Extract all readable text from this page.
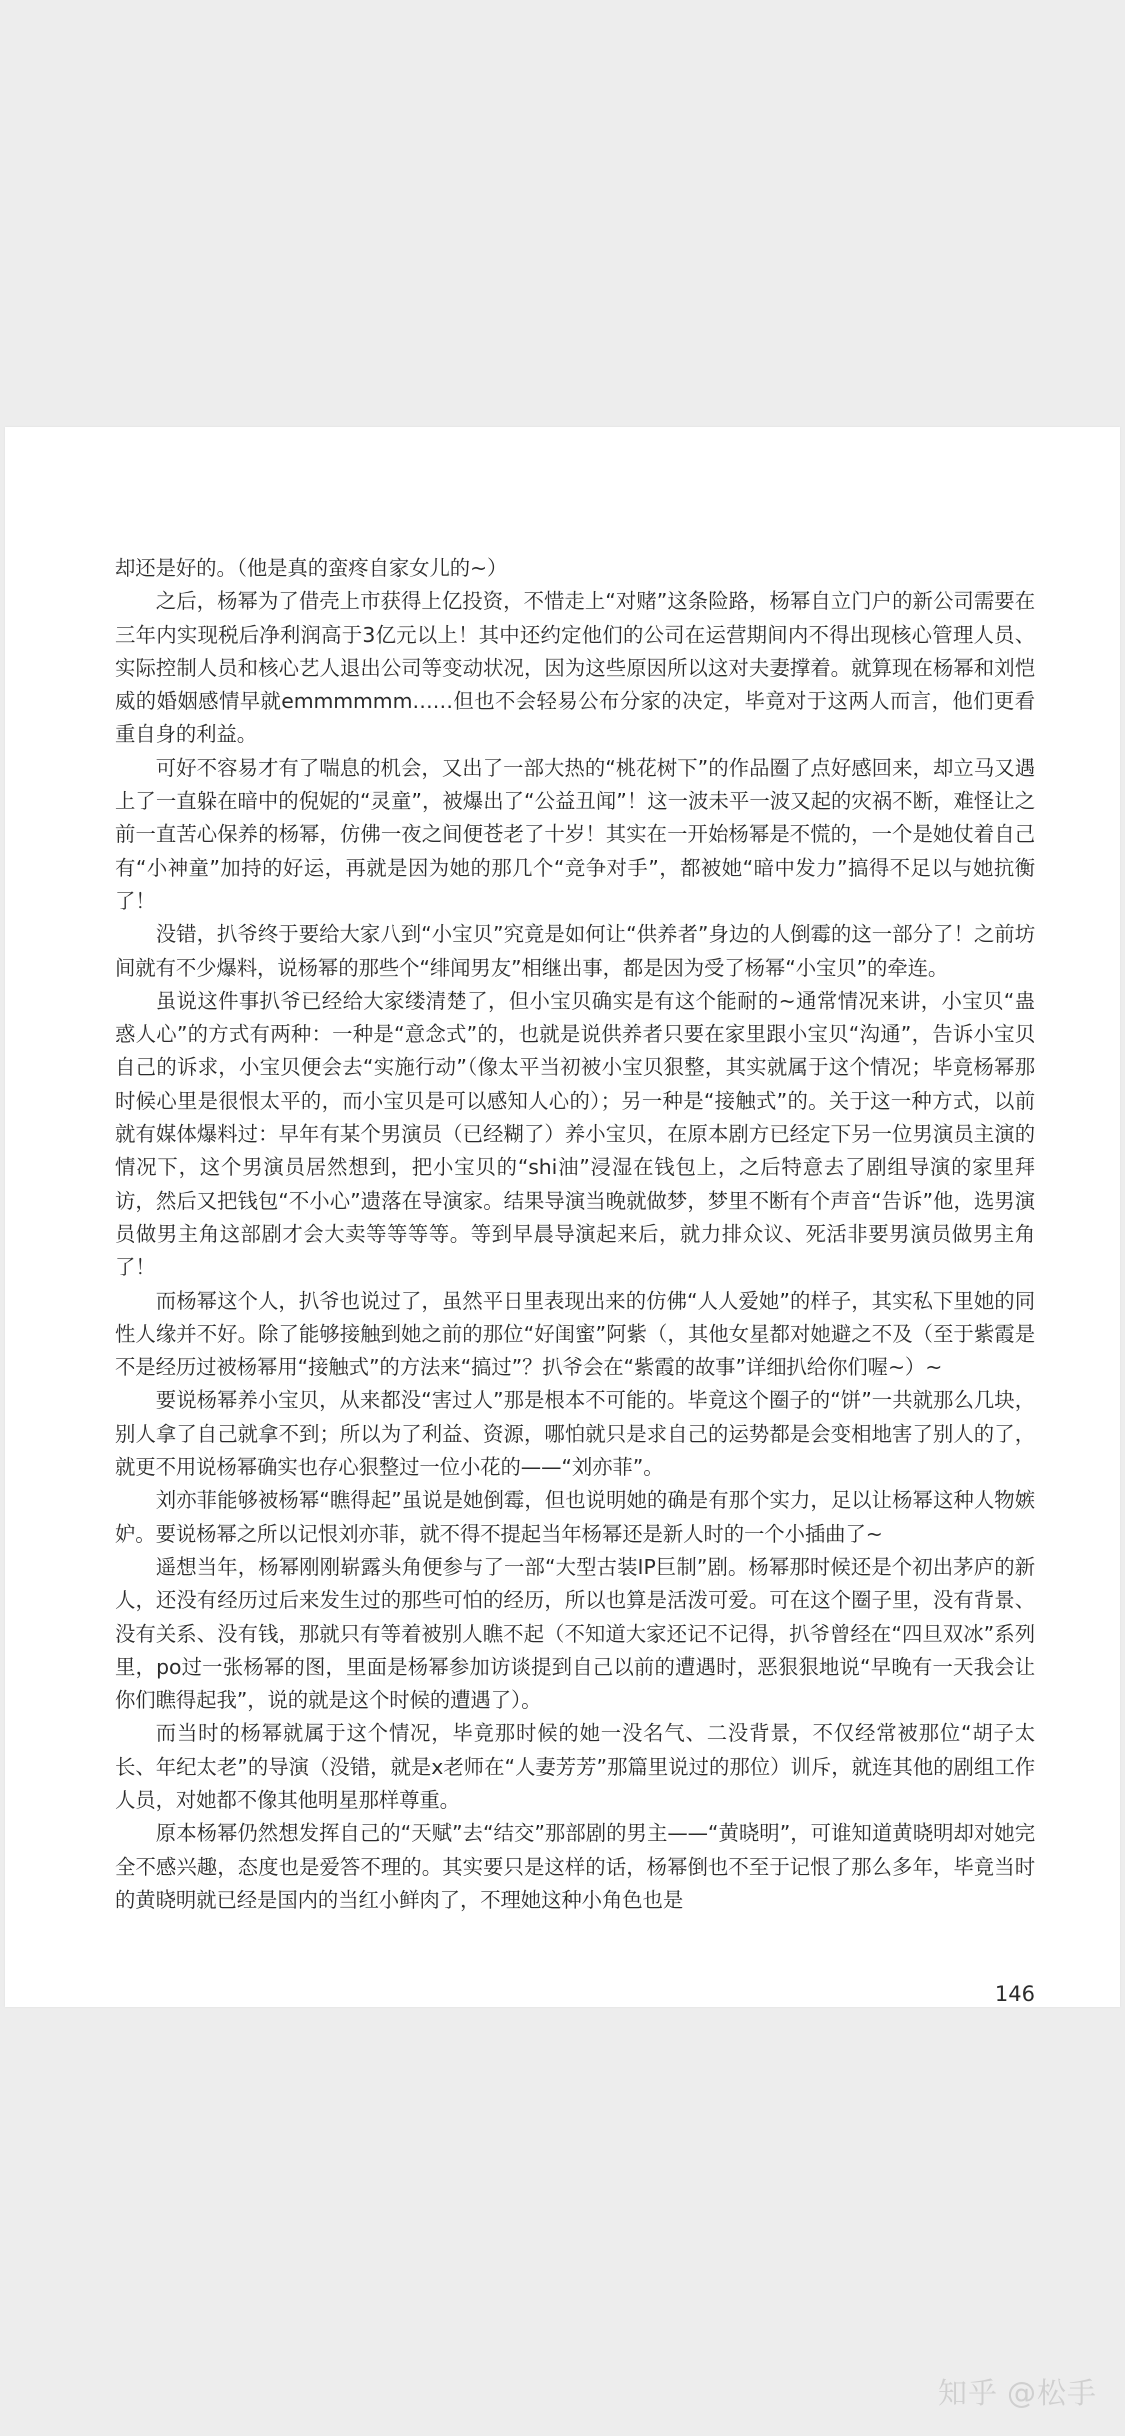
却还是好的。（他是真的蛮疼自家女儿的~）

之后，杨幂为了借壳上市获得上亿投资，不惜走上“对赌”这条险路，杨幂自立门户的新公司需要在三年内实现税后净利润高于3亿元以上！其中还约定他们的公司在运营期间内不得出现核心管理人员、实际控制人员和核心艺人退出公司等变动状况，因为这些原因所以这对夫妻撑着。就算现在杨幂和刘恺威的婚姻感情早就emmmmmm……但也不会轻易公布分家的决定，毕竟对于这两人而言，他们更看重自身的利益。

可好不容易才有了喘息的机会，又出了一部大热的“桃花树下”的作品圈了点好感回来，却立马又遇上了一直躲在暗中的倪妮的“灵童”，被爆出了“公益丑闻”！这一波未平一波又起的灾祸不断，难怪让之前一直苦心保养的杨幂，仿佛一夜之间便苍老了十岁！其实在一开始杨幂是不慌的，一个是她仗着自己有“小神童”加持的好运，再就是因为她的那几个“竞争对手”，都被她“暗中发力”搞得不足以与她抗衡了！

没错，扒爷终于要给大家八到“小宝贝”究竟是如何让“供养者”身边的人倒霉的这一部分了！之前坊间就有不少爆料，说杨幂的那些个“绯闻男友”相继出事，都是因为受了杨幂“小宝贝”的牵连。

虽说这件事扒爷已经给大家缕清楚了，但小宝贝确实是有这个能耐的~通常情况来讲，小宝贝“蛊惑人心”的方式有两种：一种是“意念式”的，也就是说供养者只要在家里跟小宝贝“沟通”，告诉小宝贝自己的诉求，小宝贝便会去“实施行动”（像太平当初被小宝贝狠整，其实就属于这个情况；毕竟杨幂那时候心里是很恨太平的，而小宝贝是可以感知人心的）；另一种是“接触式”的。关于这一种方式，以前就有媒体爆料过：早年有某个男演员（已经糊了）养小宝贝，在原本剧方已经定下另一位男演员主演的情况下，这个男演员居然想到，把小宝贝的“shi油”浸湿在钱包上，之后特意去了剧组导演的家里拜访，然后又把钱包“不小心”遗落在导演家。结果导演当晚就做梦，梦里不断有个声音“告诉”他，选男演员做男主角这部剧才会大卖等等等等。等到早晨导演起来后，就力排众议、死活非要男演员做男主角了！

而杨幂这个人，扒爷也说过了，虽然平日里表现出来的仿佛“人人爱她”的样子，其实私下里她的同性人缘并不好。除了能够接触到她之前的那位“好闺蜜”阿紫（，其他女星都对她避之不及（至于紫霞是不是经历过被杨幂用“接触式”的方法来“搞过”？扒爷会在“紫霞的故事”详细扒给你们喔~）~

要说杨幂养小宝贝，从来都没“害过人”那是根本不可能的。毕竟这个圈子的“饼”一共就那么几块，别人拿了自己就拿不到；所以为了利益、资源，哪怕就只是求自己的运势都是会变相地害了别人的了，就更不用说杨幂确实也存心狠整过一位小花的——“刘亦菲”。

刘亦菲能够被杨幂“瞧得起”虽说是她倒霉，但也说明她的确是有那个实力，足以让杨幂这种人物嫉妒。要说杨幂之所以记恨刘亦菲，就不得不提起当年杨幂还是新人时的一个小插曲了~

遥想当年，杨幂刚刚崭露头角便参与了一部“大型古装IP巨制”剧。杨幂那时候还是个初出茅庐的新人，还没有经历过后来发生过的那些可怕的经历，所以也算是活泼可爱。可在这个圈子里，没有背景、没有关系、没有钱，那就只有等着被别人瞧不起（不知道大家还记不记得，扒爷曾经在“四旦双冰”系列里，po过一张杨幂的图，里面是杨幂参加访谈提到自己以前的遭遇时，恶狠狠地说“早晚有一天我会让你们瞧得起我”，说的就是这个时候的遭遇了）。

而当时的杨幂就属于这个情况，毕竟那时候的她一没名气、二没背景，不仅经常被那位“胡子太长、年纪太老”的导演（没错，就是x老师在“人妻芳芳”那篇里说过的那位）训斥，就连其他的剧组工作人员，对她都不像其他明星那样尊重。

原本杨幂仍然想发挥自己的“天赋”去“结交”那部剧的男主——“黄晓明”，可谁知道黄晓明却对她完全不感兴趣，态度也是爱答不理的。其实要只是这样的话，杨幂倒也不至于记恨了那么多年，毕竟当时的黄晓明就已经是国内的当红小鲜肉了，不理她这种小角色也是

146
知乎 @松手
